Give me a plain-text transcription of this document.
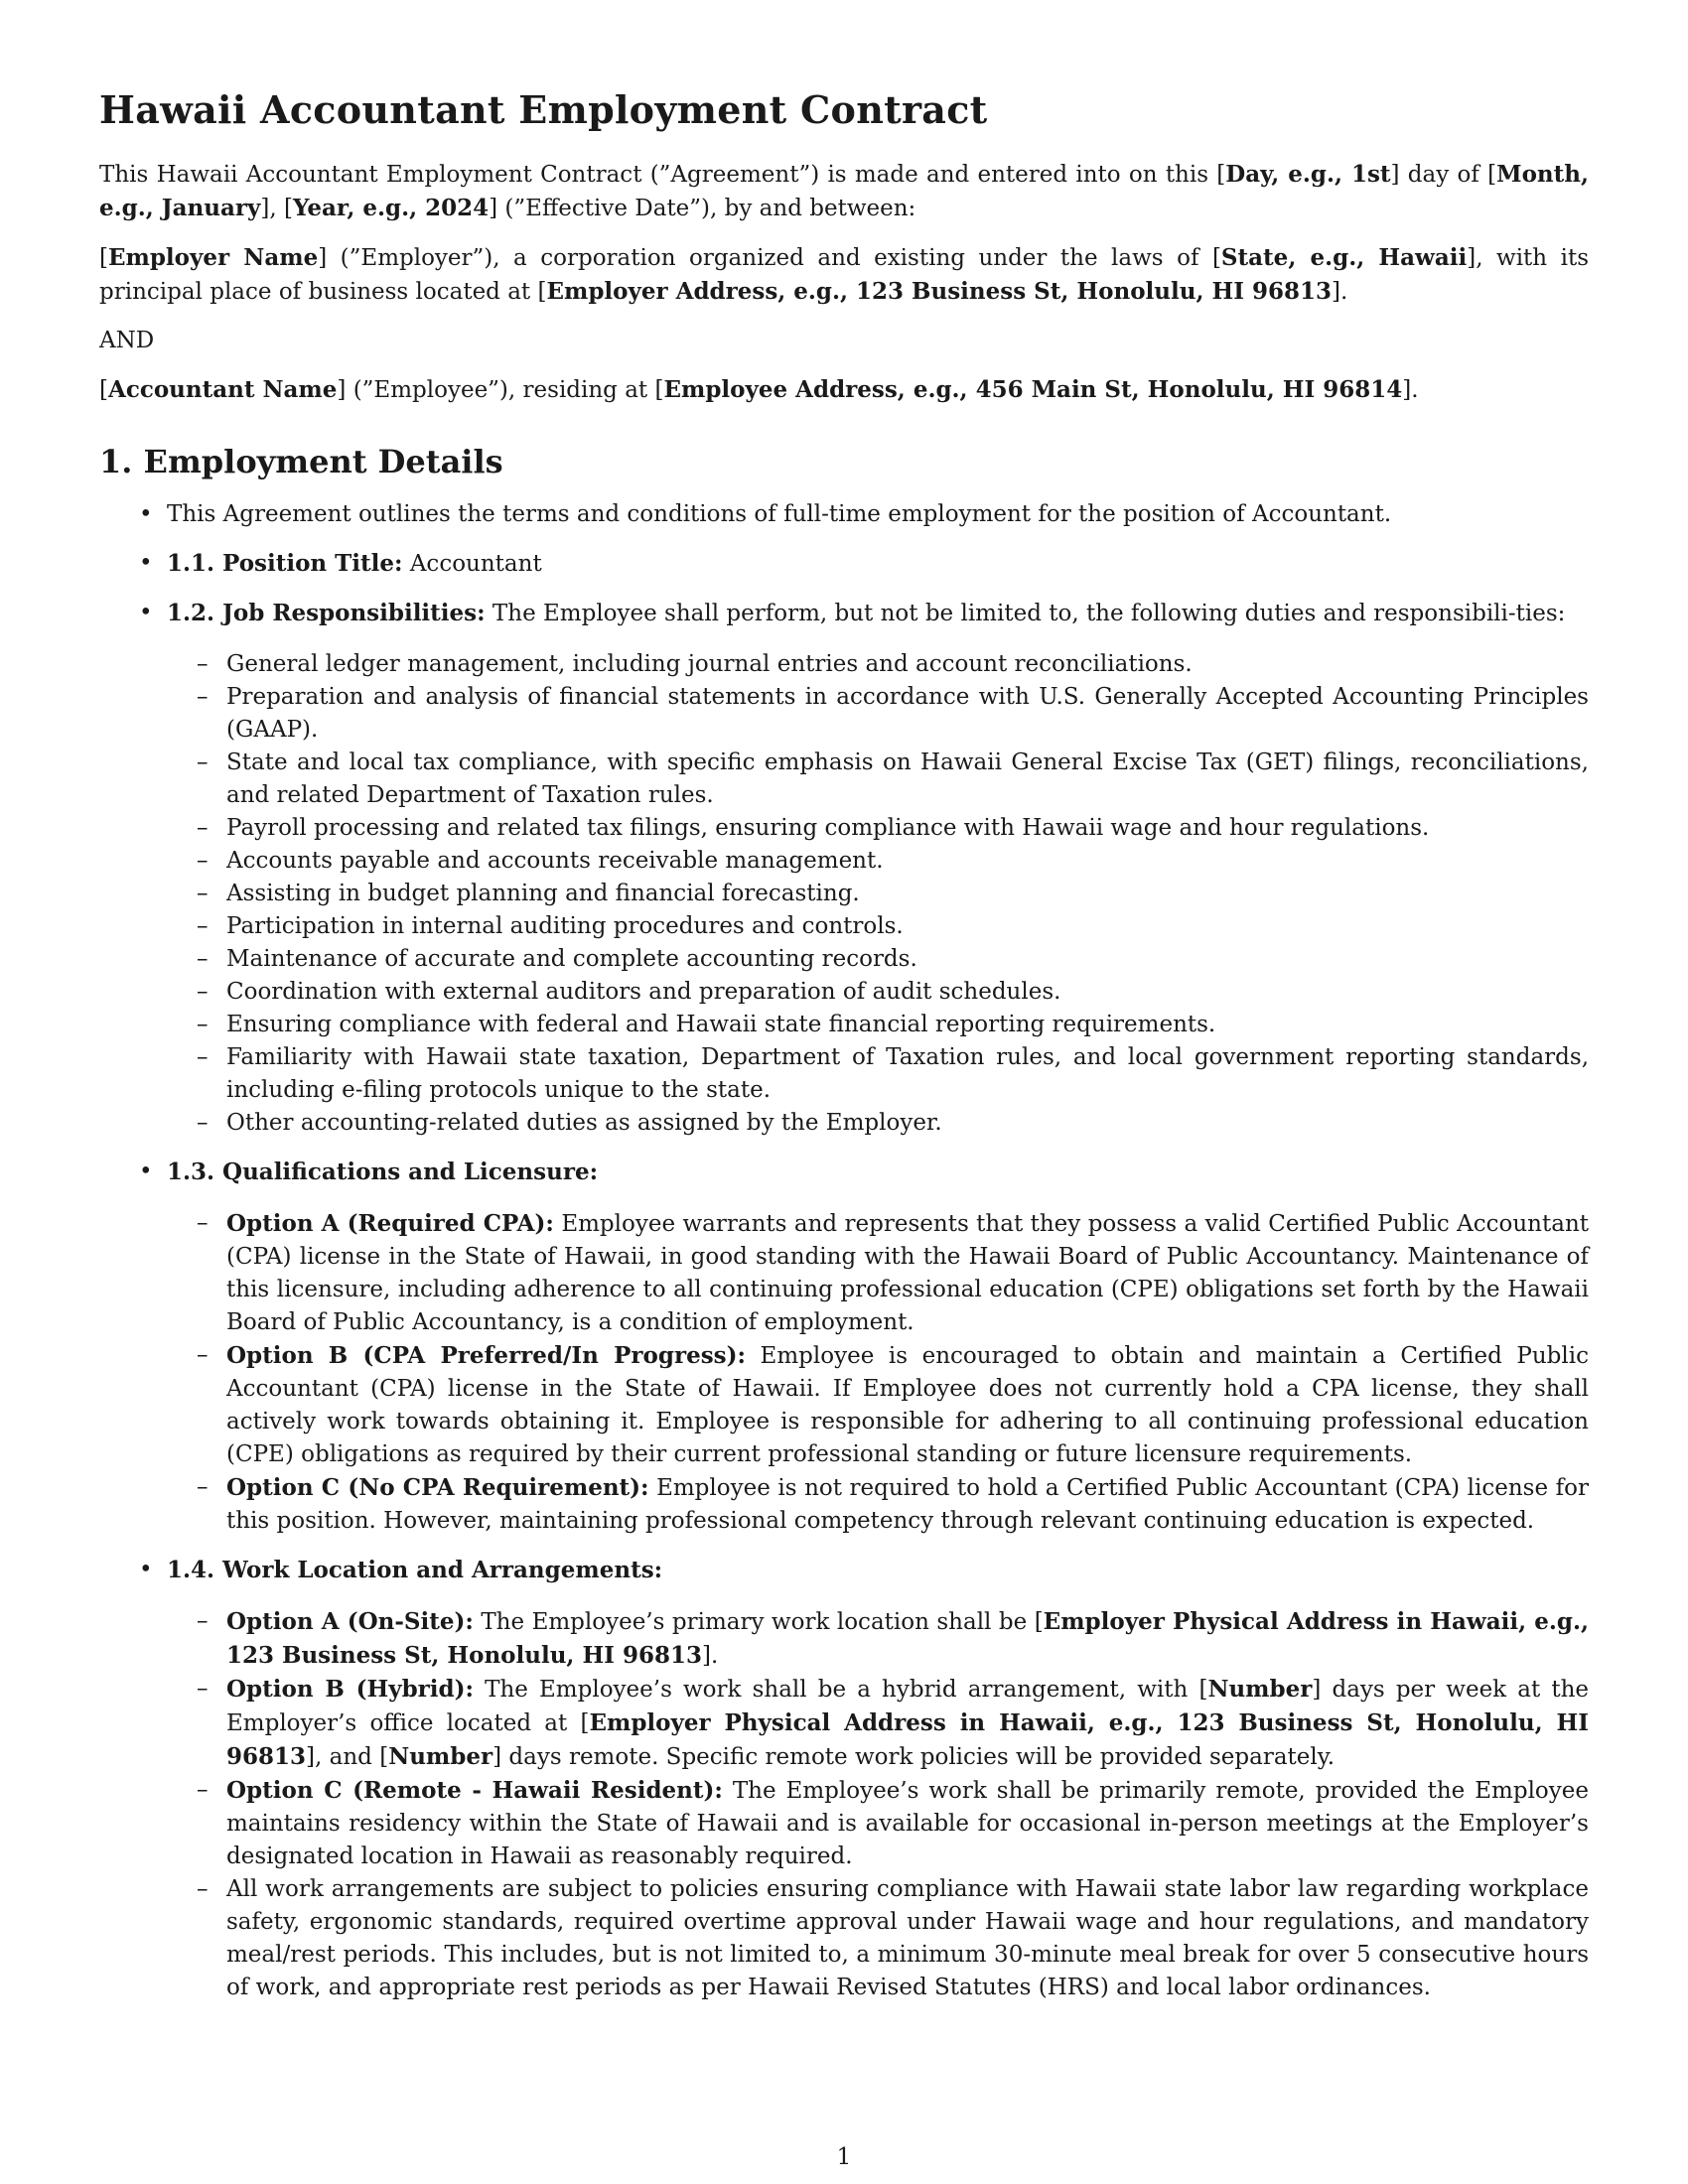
Hawaii Accountant Employment Contract

This Hawaii Accountant Employment Contract (”Agreement”) is made and entered into on this [Day, e.g., 1st] day of [Month, e.g., January], [Year, e.g., 2024] (”Effective Date”), by and between:

[Employer Name] (”Employer”), a corporation organized and existing under the laws of [State, e.g., Hawaii], with its principal place of business located at [Employer Address, e.g., 123 Business St, Honolulu, HI 96813].

AND

[Accountant Name] (”Employee”), residing at [Employee Address, e.g., 456 Main St, Honolulu, HI 96814].

1. Employment Details
• This Agreement outlines the terms and conditions of full-time employment for the position of Accountant.
• 1.1. Position Title: Accountant
• 1.2. Job Responsibilities: The Employee shall perform, but not be limited to, the following duties and responsibili-ties:
– General ledger management, including journal entries and account reconciliations.
– Preparation and analysis of financial statements in accordance with U.S. Generally Accepted Accounting Principles (GAAP).
– State and local tax compliance, with specific emphasis on Hawaii General Excise Tax (GET) filings, reconciliations, and related Department of Taxation rules.
– Payroll processing and related tax filings, ensuring compliance with Hawaii wage and hour regulations.
– Accounts payable and accounts receivable management.
– Assisting in budget planning and financial forecasting.
– Participation in internal auditing procedures and controls.
– Maintenance of accurate and complete accounting records.
– Coordination with external auditors and preparation of audit schedules.
– Ensuring compliance with federal and Hawaii state financial reporting requirements.
– Familiarity with Hawaii state taxation, Department of Taxation rules, and local government reporting standards, including e-filing protocols unique to the state.
– Other accounting-related duties as assigned by the Employer.
• 1.3. Qualifications and Licensure:
– Option A (Required CPA): Employee warrants and represents that they possess a valid Certified Public Accountant (CPA) license in the State of Hawaii, in good standing with the Hawaii Board of Public Accountancy. Maintenance of this licensure, including adherence to all continuing professional education (CPE) obligations set forth by the Hawaii Board of Public Accountancy, is a condition of employment.
– Option B (CPA Preferred/In Progress): Employee is encouraged to obtain and maintain a Certified Public Accountant (CPA) license in the State of Hawaii. If Employee does not currently hold a CPA license, they shall actively work towards obtaining it. Employee is responsible for adhering to all continuing professional education (CPE) obligations as required by their current professional standing or future licensure requirements.
– Option C (No CPA Requirement): Employee is not required to hold a Certified Public Accountant (CPA) license for this position. However, maintaining professional competency through relevant continuing education is expected.
• 1.4. Work Location and Arrangements:
– Option A (On-Site): The Employee’s primary work location shall be [Employer Physical Address in Hawaii, e.g., 123 Business St, Honolulu, HI 96813].
– Option B (Hybrid): The Employee’s work shall be a hybrid arrangement, with [Number] days per week at the Employer’s office located at [Employer Physical Address in Hawaii, e.g., 123 Business St, Honolulu, HI 96813], and [Number] days remote. Specific remote work policies will be provided separately.
– Option C (Remote - Hawaii Resident): The Employee’s work shall be primarily remote, provided the Employee maintains residency within the State of Hawaii and is available for occasional in-person meetings at the Employer’s designated location in Hawaii as reasonably required.
– All work arrangements are subject to policies ensuring compliance with Hawaii state labor law regarding workplace safety, ergonomic standards, required overtime approval under Hawaii wage and hour regulations, and mandatory meal/rest periods. This includes, but is not limited to, a minimum 30-minute meal break for over 5 consecutive hours of work, and appropriate rest periods as per Hawaii Revised Statutes (HRS) and local labor ordinances.
1
